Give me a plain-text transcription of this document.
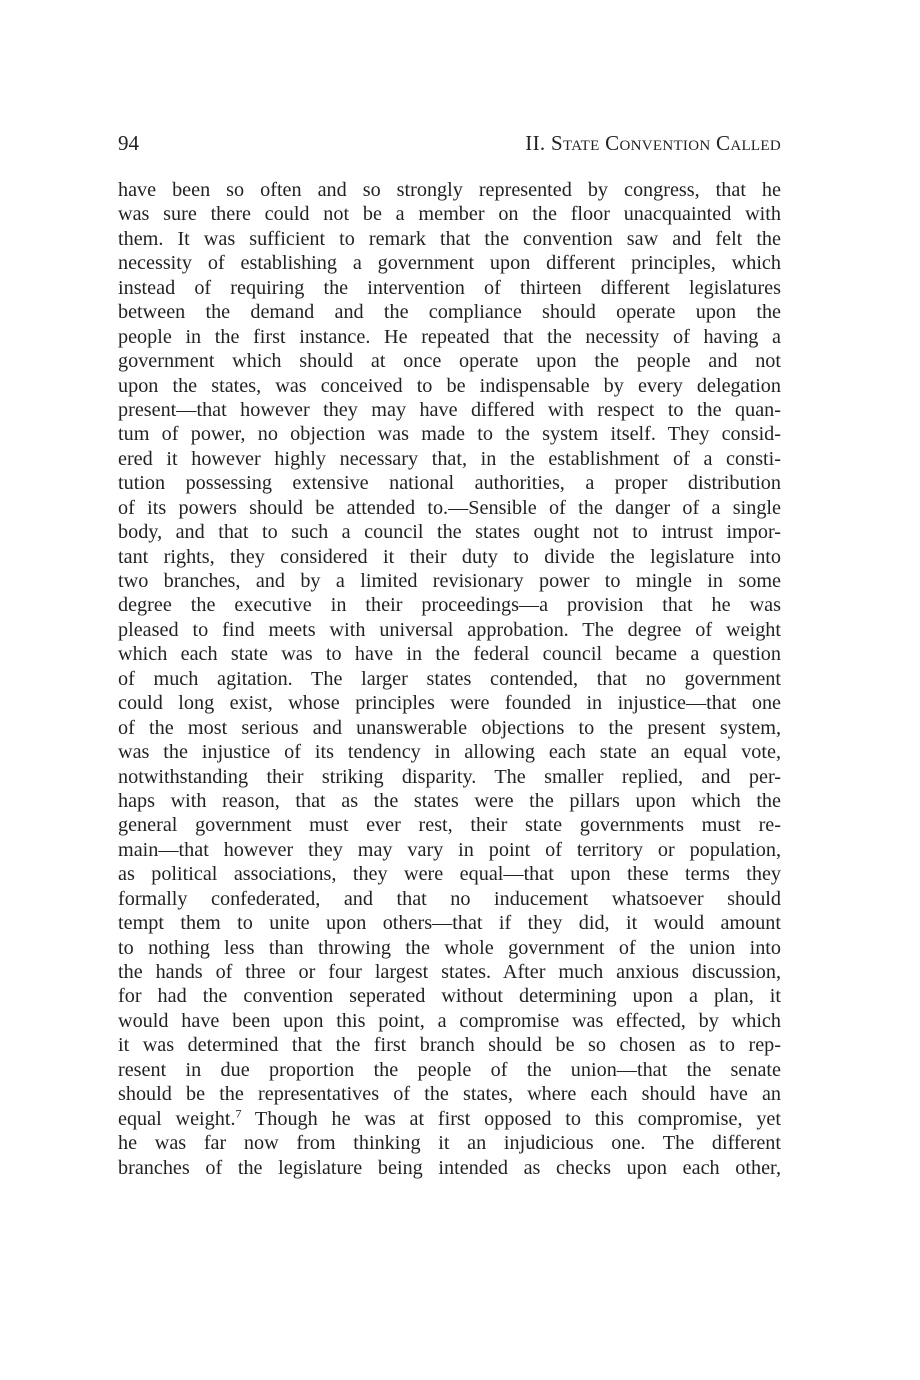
94	II. State Convention Called
have been so often and so strongly represented by congress, that he
was sure there could not be a member on the floor unacquainted with
them. It was sufficient to remark that the convention saw and felt the
necessity of establishing a government upon different principles, which
instead of requiring the intervention of thirteen different legislatures
between the demand and the compliance should operate upon the
people in the first instance. He repeated that the necessity of having a
government which should at once operate upon the people and not
upon the states, was conceived to be indispensable by every delegation
present—that however they may have differed with respect to the quan-
tum of power, no objection was made to the system itself. They consid-
ered it however highly necessary that, in the establishment of a consti-
tution possessing extensive national authorities, a proper distribution
of its powers should be attended to.—Sensible of the danger of a single
body, and that to such a council the states ought not to intrust impor-
tant rights, they considered it their duty to divide the legislature into
two branches, and by a limited revisionary power to mingle in some
degree the executive in their proceedings—a provision that he was
pleased to find meets with universal approbation. The degree of weight
which each state was to have in the federal council became a question
of much agitation. The larger states contended, that no government
could long exist, whose principles were founded in injustice—that one
of the most serious and unanswerable objections to the present system,
was the injustice of its tendency in allowing each state an equal vote,
notwithstanding their striking disparity. The smaller replied, and per-
haps with reason, that as the states were the pillars upon which the
general government must ever rest, their state governments must re-
main—that however they may vary in point of territory or population,
as political associations, they were equal—that upon these terms they
formally confederated, and that no inducement whatsoever should
tempt them to unite upon others—that if they did, it would amount
to nothing less than throwing the whole government of the union into
the hands of three or four largest states. After much anxious discussion,
for had the convention seperated without determining upon a plan, it
would have been upon this point, a compromise was effected, by which
it was determined that the first branch should be so chosen as to rep-
resent in due proportion the people of the union—that the senate
should be the representatives of the states, where each should have an
equal weight.$^7$ Though he was at first opposed to this compromise, yet
he was far now from thinking it an injudicious one. The different
branches of the legislature being intended as checks upon each other,
